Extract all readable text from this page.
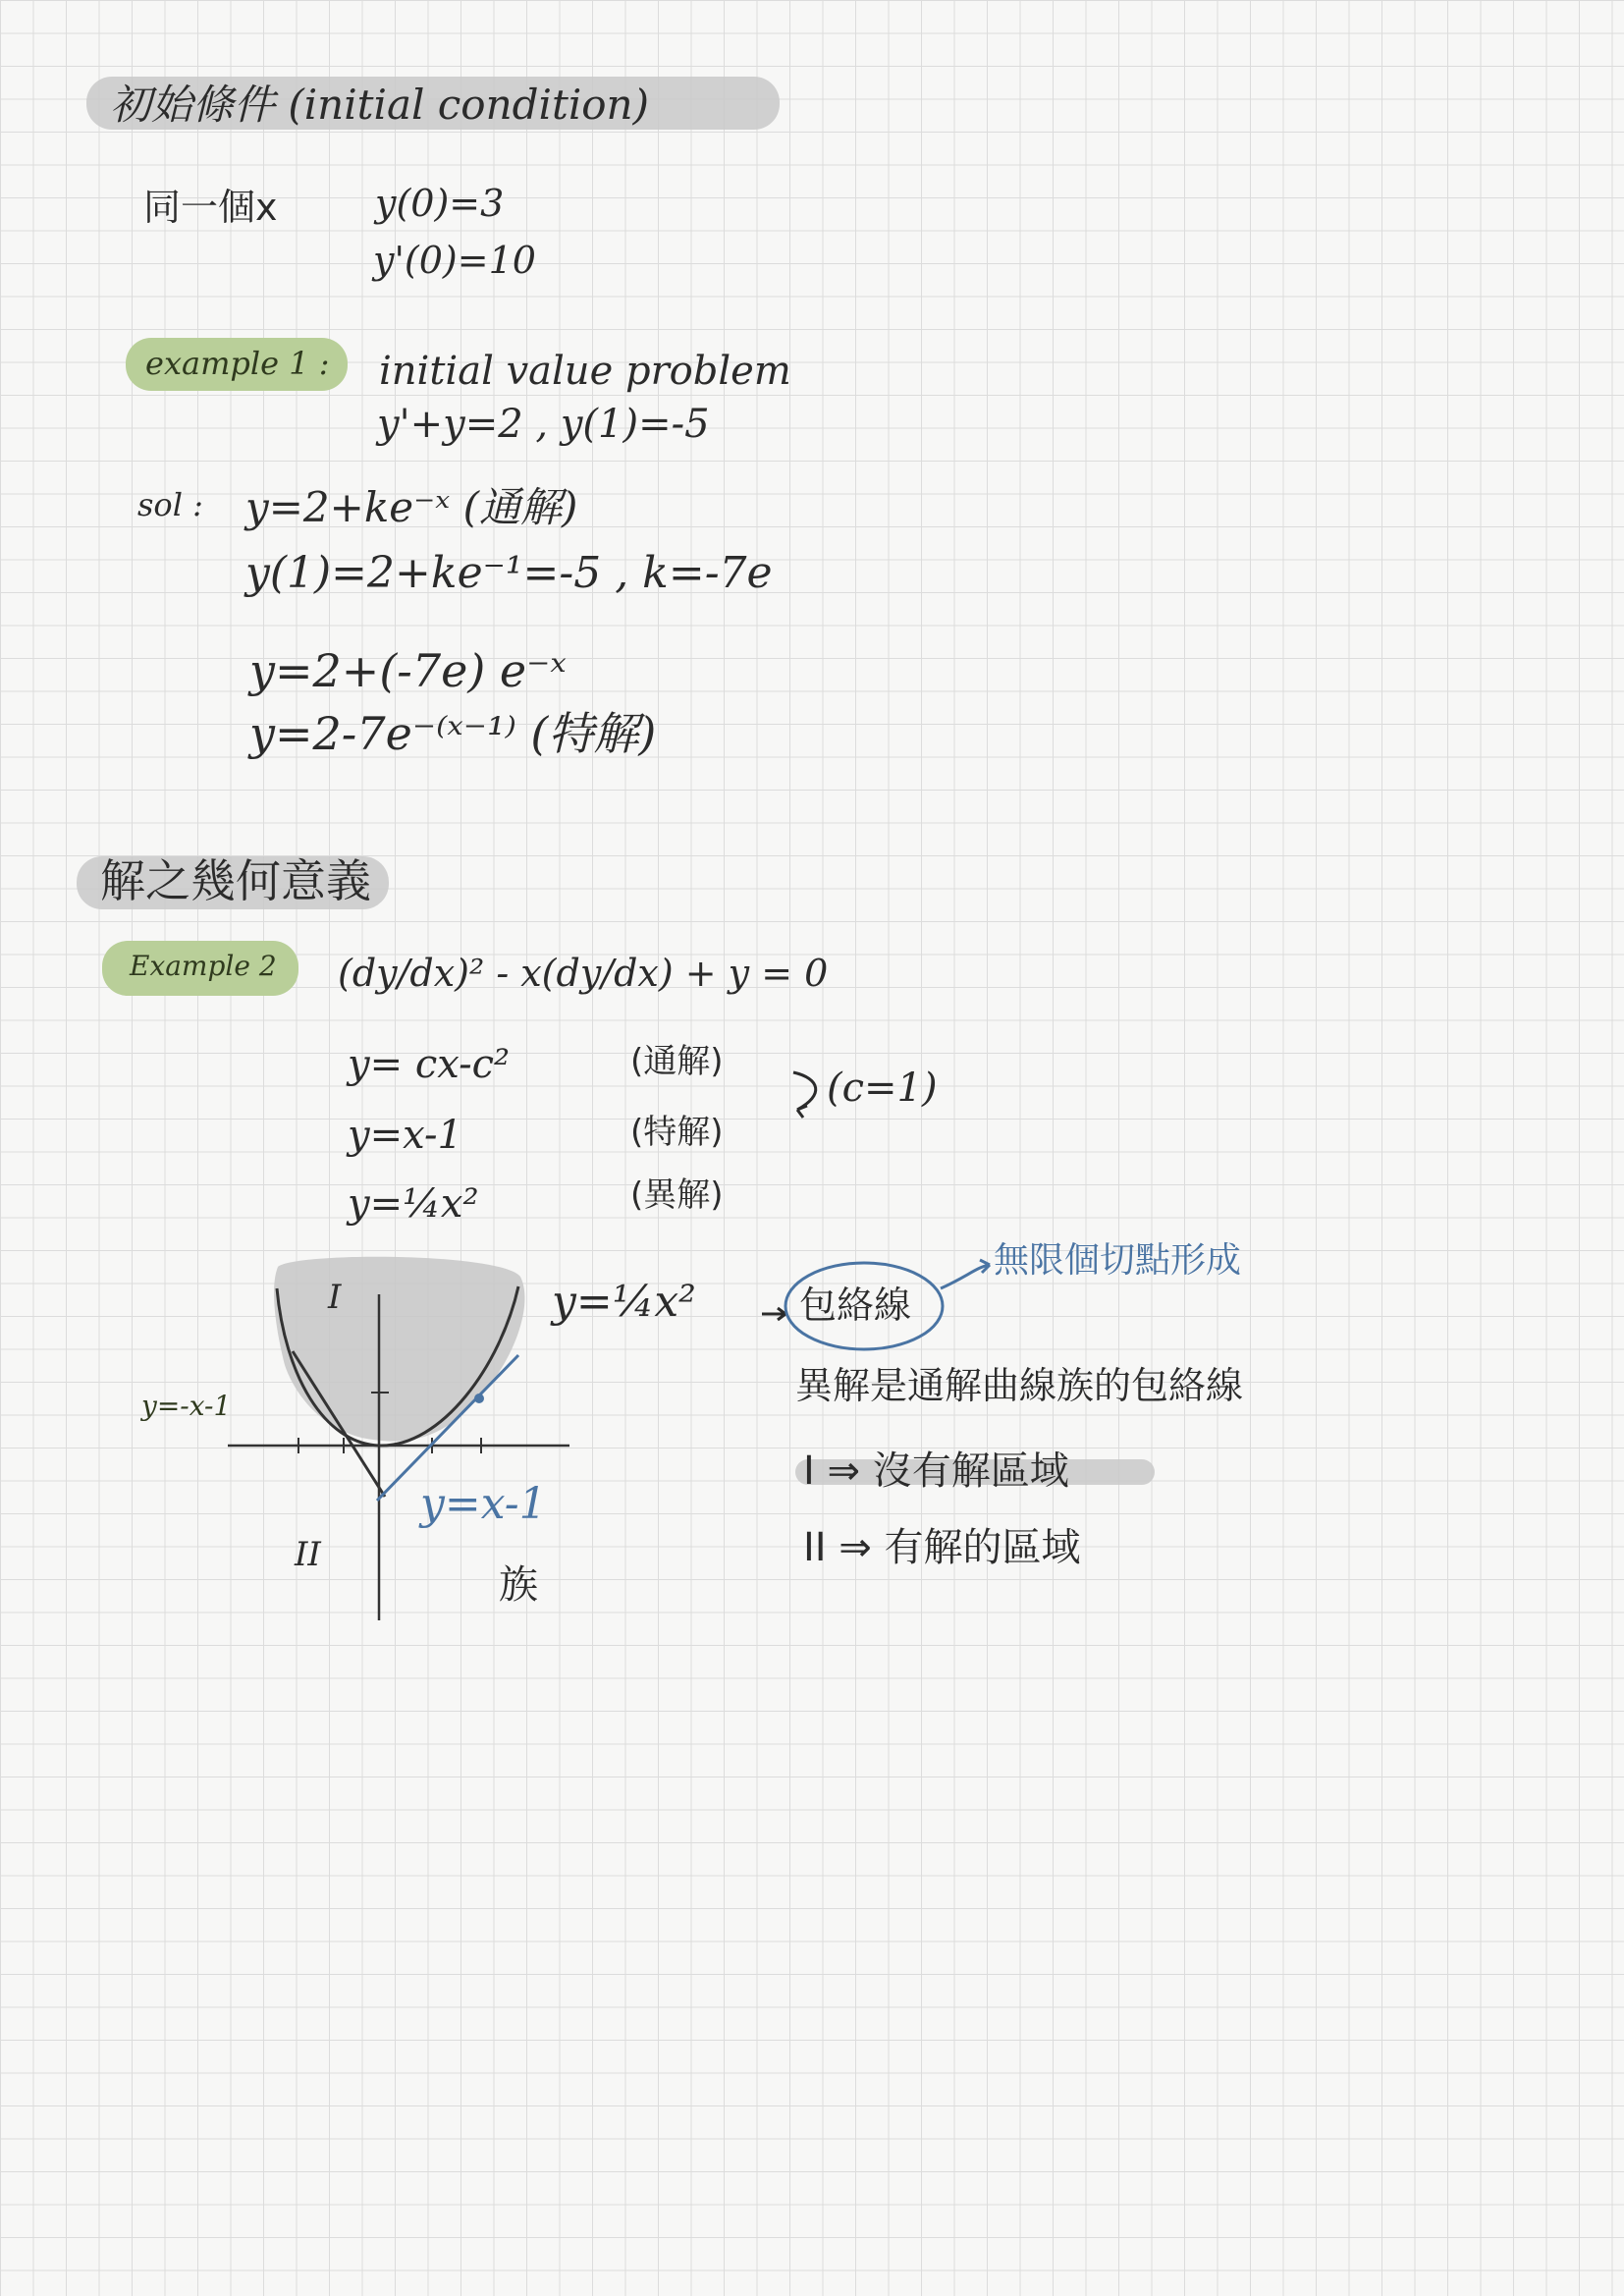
初始條件 (initial condition)
同一個x	y(0)=3
y'(0)=10
example 1 : initial value problem
y'+y=2 , y(1)=-5
sol : y=2+ke⁻ˣ (通解)
y(1)=2+ke⁻¹=-5 , k=-7e
y=2+(-7e) e⁻ˣ
y=2-7e⁻⁽ˣ⁻¹⁾ (特解)
解之幾何意義
Example 2 (dy/dx)² - x(dy/dx) + y = 0
y= cx-c²	(通解)
y=x-1	(特解)
y=¼x²	(異解)
(c=1)
I
II
y=-x-1
y=¼x²
y=x-1
族
包絡線
無限個切點形成
異解是通解曲線族的包絡線
I ⇒ 沒有解區域
II ⇒ 有解的區域
